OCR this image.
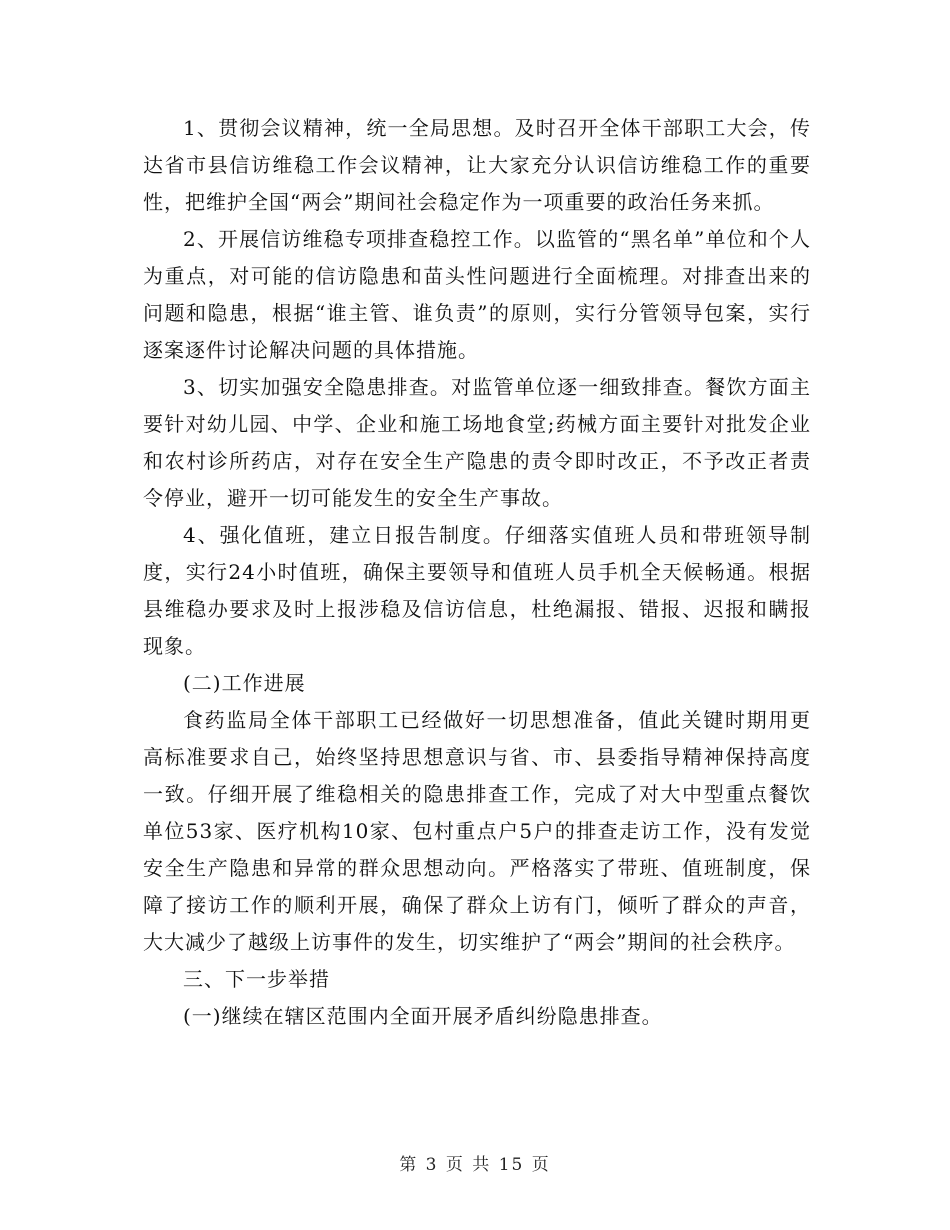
1、贯彻会议精神，统一全局思想。及时召开全体干部职工大会，传达省市县信访维稳工作会议精神，让大家充分认识信访维稳工作的重要性，把维护全国“两会”期间社会稳定作为一项重要的政治任务来抓。

2、开展信访维稳专项排查稳控工作。以监管的“黑名单”单位和个人为重点，对可能的信访隐患和苗头性问题进行全面梳理。对排查出来的问题和隐患，根据“谁主管、谁负责”的原则，实行分管领导包案，实行逐案逐件讨论解决问题的具体措施。

3、切实加强安全隐患排查。对监管单位逐一细致排查。餐饮方面主要针对幼儿园、中学、企业和施工场地食堂;药械方面主要针对批发企业和农村诊所药店，对存在安全生产隐患的责令即时改正，不予改正者责令停业，避开一切可能发生的安全生产事故。

4、强化值班，建立日报告制度。仔细落实值班人员和带班领导制度，实行24小时值班，确保主要领导和值班人员手机全天候畅通。根据县维稳办要求及时上报涉稳及信访信息，杜绝漏报、错报、迟报和瞒报现象。

(二)工作进展

食药监局全体干部职工已经做好一切思想准备，值此关键时期用更高标准要求自己，始终坚持思想意识与省、市、县委指导精神保持高度一致。仔细开展了维稳相关的隐患排查工作，完成了对大中型重点餐饮单位53家、医疗机构10家、包村重点户5户的排查走访工作，没有发觉安全生产隐患和异常的群众思想动向。严格落实了带班、值班制度，保障了接访工作的顺利开展，确保了群众上访有门，倾听了群众的声音，大大减少了越级上访事件的发生，切实维护了“两会”期间的社会秩序。

三、下一步举措

(一)继续在辖区范围内全面开展矛盾纠纷隐患排查。

第 3 页 共 15 页
